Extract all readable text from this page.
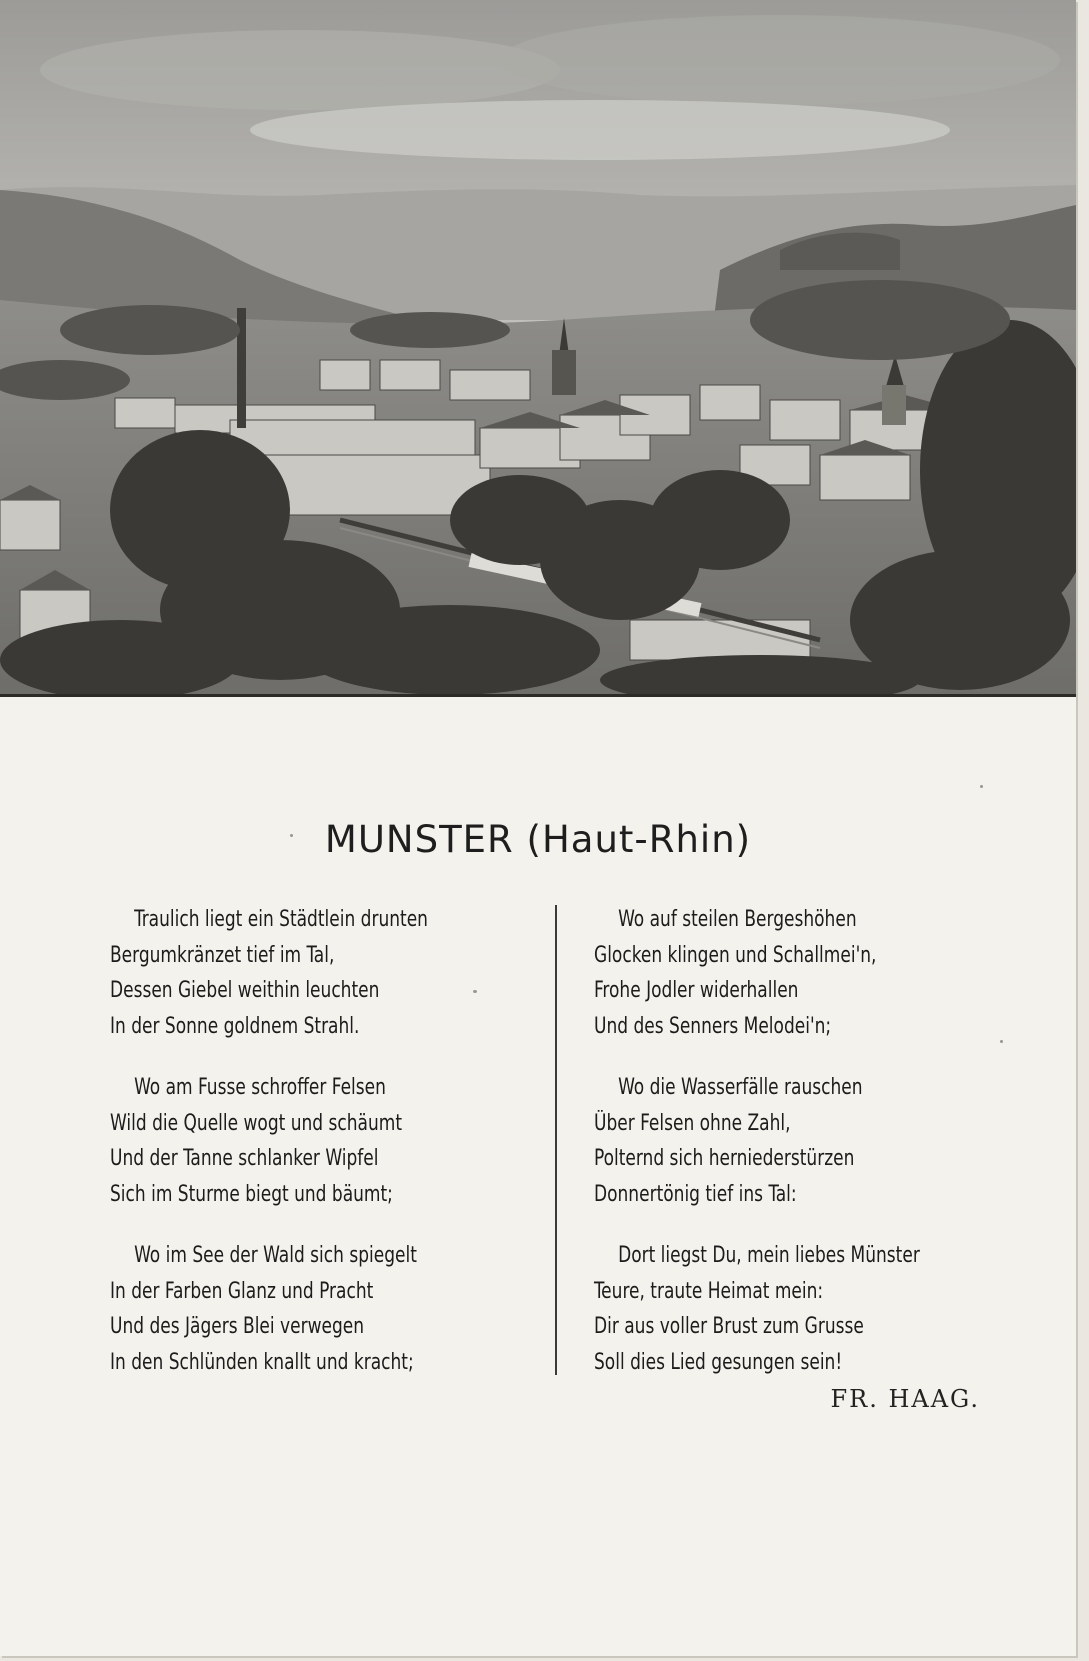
MUNSTER (Haut-Rhin)
Traulich liegt ein Städtlein drunten
Bergumkränzet tief im Tal,
Dessen Giebel weithin leuchten
In der Sonne goldnem Strahl.
Wo am Fusse schroffer Felsen
Wild die Quelle wogt und schäumt
Und der Tanne schlanker Wipfel
Sich im Sturme biegt und bäumt;
Wo im See der Wald sich spiegelt
In der Farben Glanz und Pracht
Und des Jägers Blei verwegen
In den Schlünden knallt und kracht;
Wo auf steilen Bergeshöhen
Glocken klingen und Schallmei'n,
Frohe Jodler widerhallen
Und des Senners Melodei'n;
Wo die Wasserfälle rauschen
Über Felsen ohne Zahl,
Polternd sich herniederstürzen
Donnertönig tief ins Tal:
Dort liegst Du, mein liebes Münster
Teure, traute Heimat mein:
Dir aus voller Brust zum Grusse
Soll dies Lied gesungen sein!
FR. HAAG.
